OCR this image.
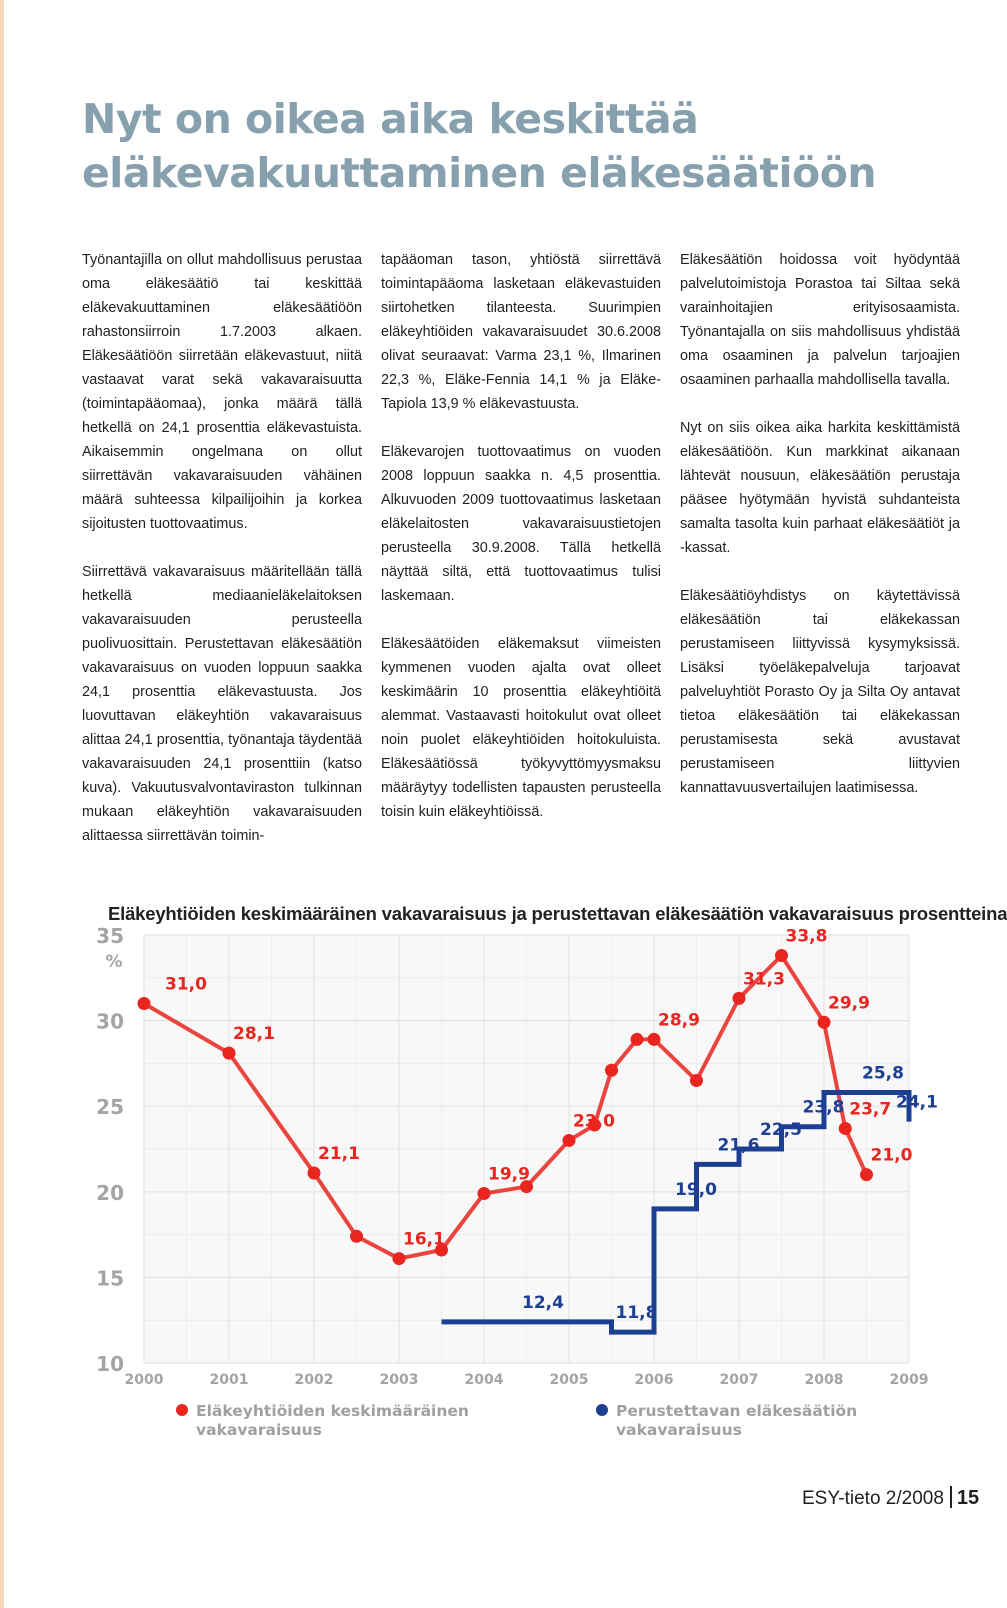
Nyt on oikea aika keskittää
eläkevakuuttaminen eläkesäätiöön

Työnantajilla on ollut mahdollisuus perustaa oma eläkesäätiö tai keskittää eläkevakuuttaminen eläkesäätiöön rahastonsiirroin 1.7.2003 alkaen. Eläkesäätiöön siirretään eläkevastuut, niitä vastaavat varat sekä vakavaraisuutta (toimintapääomaa), jonka määrä tällä hetkellä on 24,1 prosenttia eläkevastuista. Aikaisemmin ongelmana on ollut siirrettävän vakavaraisuuden vähäinen määrä suhteessa kilpailijoihin ja korkea sijoitusten tuottovaatimus.

Siirrettävä vakavaraisuus määritellään tällä hetkellä mediaanieläkelaitoksen vakavaraisuuden perusteella puolivuosittain. Perustettavan eläkesäätiön vakavaraisuus on vuoden loppuun saakka 24,1 prosenttia eläkevastuusta. Jos luovuttavan eläkeyhtiön vakavaraisuus alittaa 24,1 prosenttia, työnantaja täydentää vakavaraisuuden 24,1 prosenttiin (katso kuva). Vakuutusvalvontaviraston tulkinnan mukaan eläkeyhtiön vakavaraisuuden alittaessa siirrettävän toimin-

tapääoman tason, yhtiöstä siirrettävä toimintapääoma lasketaan eläkevastuiden siirtohetken tilanteesta. Suurimpien eläkeyhtiöiden vakavaraisuudet 30.6.2008 olivat seuraavat: Varma 23,1 %, Ilmarinen 22,3 %, Eläke-Fennia 14,1 % ja Eläke-Tapiola 13,9 % eläkevastuusta.

Eläkevarojen tuottovaatimus on vuoden 2008 loppuun saakka n. 4,5 prosenttia. Alkuvuoden 2009 tuottovaatimus lasketaan eläkelaitosten vakavaraisuustietojen perusteella 30.9.2008. Tällä hetkellä näyttää siltä, että tuottovaatimus tulisi laskemaan.

Eläkesäätöiden eläkemaksut viimeisten kymmenen vuoden ajalta ovat olleet keskimäärin 10 prosenttia eläkeyhtiöitä alemmat. Vastaavasti hoitokulut ovat olleet noin puolet eläkeyhtiöiden hoitokuluista. Eläkesäätiössä työkyvyttömyysmaksu määräytyy todellisten tapausten perusteella toisin kuin eläkeyhtiöissä.

Eläkesäätiön hoidossa voit hyödyntää palvelutoimistoja Porastoa tai Siltaa sekä varainhoitajien erityisosaamista. Työnantajalla on siis mahdollisuus yhdistää oma osaaminen ja palvelun tarjoajien osaaminen parhaalla mahdollisella tavalla.

Nyt on siis oikea aika harkita keskittämistä eläkesäätiöön. Kun markkinat aikanaan lähtevät nousuun, eläkesäätiön perustaja pääsee hyötymään hyvistä suhdanteista samalta tasolta kuin parhaat eläkesäätiöt ja -kassat.

Eläkesäätiöyhdistys on käytettävissä eläkesäätiön tai eläkekassan perustamiseen liittyvissä kysymyksissä. Lisäksi työeläkepalveluja tarjoavat palveluyhtiöt Porasto Oy ja Silta Oy antavat tietoa eläkesäätiön tai eläkekassan perustamisesta sekä avustavat perustamiseen liittyvien kannattavuusvertailujen laatimisessa.

Eläkeyhtiöiden keskimääräinen vakavaraisuus ja perustettavan eläkesäätiön vakavaraisuus prosentteina
35
30
25
20
15
10
%
2000	2001	2002	2003	2004	2005	2006	2007	2008	2009
31,0
28,1
21,1
16,1
19,9
23,0
28,9
31,3
33,8
29,9
23,7
21,0
12,4
11,8
19,0
21,6
22,5
23,8
25,8
24,1
Eläkeyhtiöiden keskimääräinen
vakavaraisuus
Perustettavan eläkesäätiön
vakavaraisuus
ESY-tieto 2/2008 15
